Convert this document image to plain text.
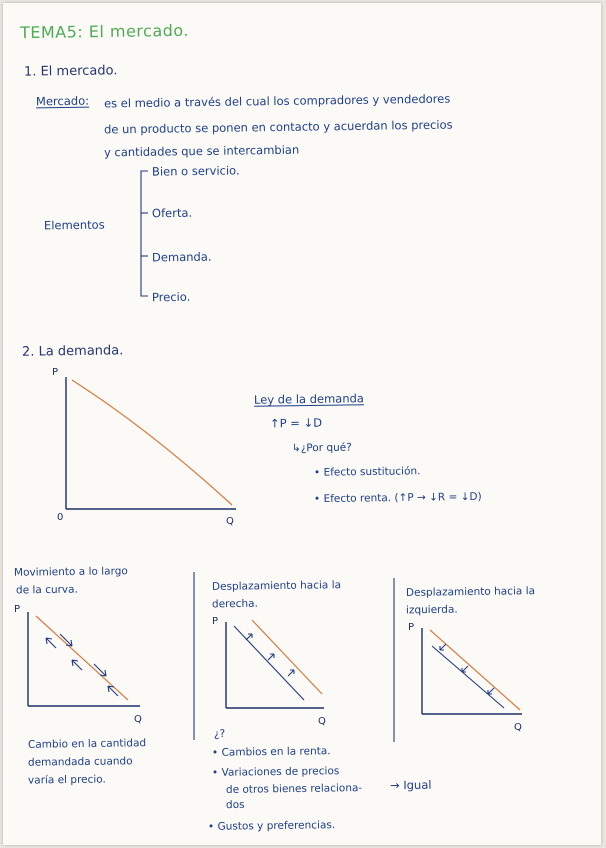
TEMA5: El mercado.
1. El mercado.
Mercado: es el medio a través del cual los compradores y vendedores
de un producto se ponen en contacto y acuerdan los precios
y cantidades que se intercambian
Elementos
Bien o servicio.
Oferta.
Demanda.
Precio.
2. La demanda.
Ley de la demanda
↑P = ↓D
↳¿Por qué?
• Efecto sustitución.
• Efecto renta. (↑P → ↓R = ↓D)
Movimiento a lo largo
de la curva.
Cambio en la cantidad
demandada cuando
varía el precio.
Desplazamiento hacia la
derecha.
¿?
• Cambios en la renta.
• Variaciones de precios
de otros bienes relaciona-
dos
• Gustos y preferencias.
→ Igual
Desplazamiento hacia la
izquierda.
P
Q
0
P
Q
P
Q
P
Q
